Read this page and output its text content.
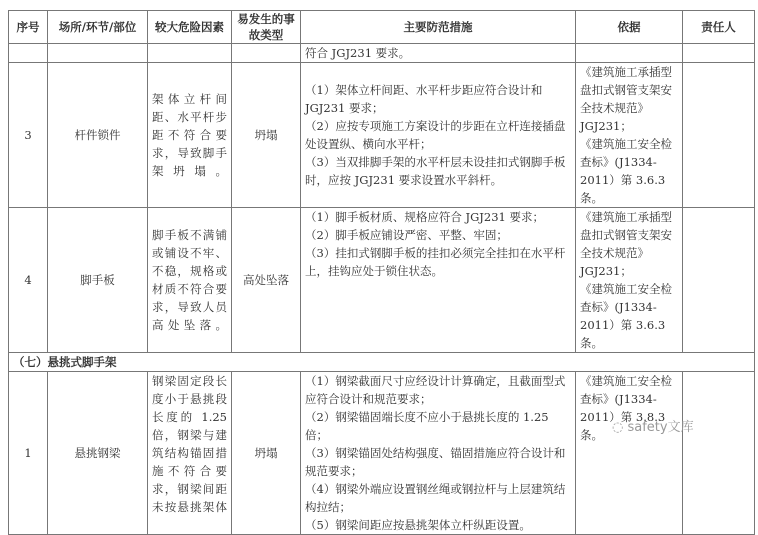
序号	场所/环节/部位	较大危险因素	易发生的事故类型	主要防范措施	依据	责任人
				符合 JGJ231 要求。		
3	杆件锁件	架体立杆间距、水平杆步距不符合要求，导致脚手架坍塌。	坍塌	（1）架体立杆间距、水平杆步距应符合设计和 JGJ231 要求；
（2）应按专项施工方案设计的步距在立杆连接插盘处设置纵、横向水平杆；
（3）当双排脚手架的水平杆层未设挂扣式钢脚手板时，应按 JGJ231 要求设置水平斜杆。	《建筑施工承插型盘扣式钢管支架安全技术规范》JGJ231；
《建筑施工安全检查标》(J1334-2011）第 3.6.3 条。	
4	脚手板	脚手板不满铺或铺设不牢、不稳，规格或材质不符合要求，导致人员高处坠落。	高处坠落	（1）脚手板材质、规格应符合 JGJ231 要求；
（2）脚手板应铺设严密、平整、牢固；
（3）挂扣式钢脚手板的挂扣必须完全挂扣在水平杆上，挂钩应处于锁住状态。	《建筑施工承插型盘扣式钢管支架安全技术规范》JGJ231；
《建筑施工安全检查标》(J1334-2011）第 3.6.3 条。	
（七）悬挑式脚手架						
1	悬挑钢梁	钢梁固定段长度小于悬挑段长度的 1.25 倍，钢梁与建筑结构锚固措施不符合要求，钢梁间距未按悬挑架体	坍塌	（1）钢梁截面尺寸应经设计计算确定，且截面型式应符合设计和规范要求；
（2）钢梁锚固端长度不应小于悬挑长度的 1.25 倍；
（3）钢梁锚固处结构强度、锚固措施应符合设计和规范要求；
（4）钢梁外端应设置钢丝绳或钢拉杆与上层建筑结构拉结；
（5）钢梁间距应按悬挑架体立杆纵距设置。	《建筑施工安全检查标》(J1334-2011）第 3.8.3 条。	◌ safety文库
